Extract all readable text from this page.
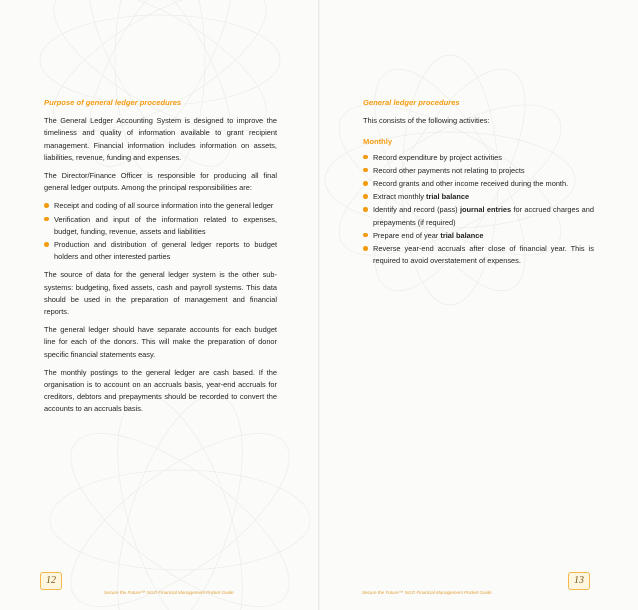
Purpose of general ledger procedures

The General Ledger Accounting System is designed to improve the timeliness and quality of information available to grant recipient management. Financial information includes information on assets, liabilities, revenue, funding and expenses.

The Director/Finance Officer is responsible for producing all final general ledger outputs. Among the principal responsibilities are:

Receipt and coding of all source information into the general ledger
Verification and input of the information related to expenses, budget, funding, revenue, assets and liabilities
Production and distribution of general ledger reports to budget holders and other interested parties

The source of data for the general ledger system is the other sub-systems: budgeting, fixed assets, cash and payroll systems. This data should be used in the preparation of management and financial reports.

The general ledger should have separate accounts for each budget line for each of the donors. This will make the preparation of donor specific financial statements easy.

The monthly postings to the general ledger are cash based. If the organisation is to account on an accruals basis, year-end accruals for creditors, debtors and prepayments should be recorded to convert the accounts to an accruals basis.

12
Secure the Future™ NGO Financial Management Pocket Guide
General ledger procedures

This consists of the following activities:

Monthly
Record expenditure by project activities
Record other payments not relating to projects
Record grants and other income received during the month.
Extract monthly trial balance
Identify and record (pass) journal entries for accrued charges and prepayments (if required)
Prepare end of year trial balance
Reverse year-end accruals after close of financial year. This is required to avoid overstatement of expenses.
Secure the Future™ NGO Financial Management Pocket Guide
13
